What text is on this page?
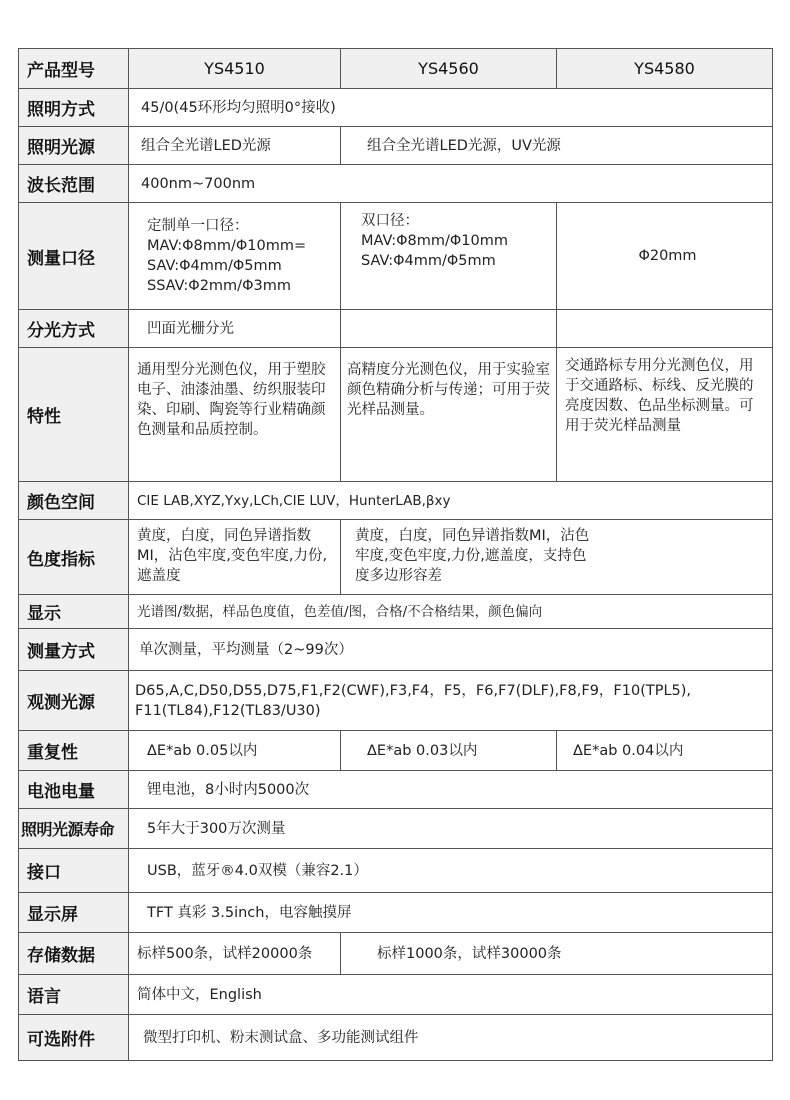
产品型号	YS4510	YS4560	YS4580
照明方式	45/0(45环形均匀照明0°接收)		
照明光源	组合全光谱LED光源	组合全光谱LED光源，UV光源	
波长范围	400nm~700nm		
测量口径	定制单一口径：
MAV:Φ8mm/Φ10mm=
SAV:Φ4mm/Φ5mm
SSAV:Φ2mm/Φ3mm	双口径：
MAV:Φ8mm/Φ10mm
SAV:Φ4mm/Φ5mm	Φ20mm
分光方式	凹面光栅分光		
特性	通用型分光测色仪，用于塑胶电子、油漆油墨、纺织服装印染、印刷、陶瓷等行业精确颜色测量和品质控制。	高精度分光测色仪，用于实验室颜色精确分析与传递；可用于荧光样品测量。	交通路标专用分光测色仪，用于交通路标、标线、反光膜的亮度因数、色品坐标测量。可用于荧光样品测量
颜色空间	CIE LAB,XYZ,Yxy,LCh,CIE LUV，HunterLAB,βxy		
色度指标	黄度，白度，同色异谱指数MI，沾色牢度,变色牢度,力份,遮盖度	黄度，白度，同色异谱指数MI，沾色牢度,变色牢度,力份,遮盖度，支持色度多边形容差	
显示	光谱图/数据，样品色度值，色差值/图，合格/不合格结果，颜色偏向		
测量方式	单次测量，平均测量（2~99次）		
观测光源	D65,A,C,D50,D55,D75,F1,F2(CWF),F3,F4，F5，F6,F7(DLF),F8,F9，F10(TPL5), F11(TL84),F12(TL83/U30)		
重复性	ΔE*ab 0.05以内	ΔE*ab 0.03以内	ΔE*ab 0.04以内
电池电量	锂电池，8小时内5000次		
照明光源寿命	5年大于300万次测量		
接口	USB，蓝牙®4.0双模（兼容2.1）		
显示屏	TFT 真彩 3.5inch，电容触摸屏		
存储数据	标样500条，试样20000条	标样1000条，试样30000条	
语言	简体中文，English		
可选附件	微型打印机、粉末测试盒、多功能测试组件		
